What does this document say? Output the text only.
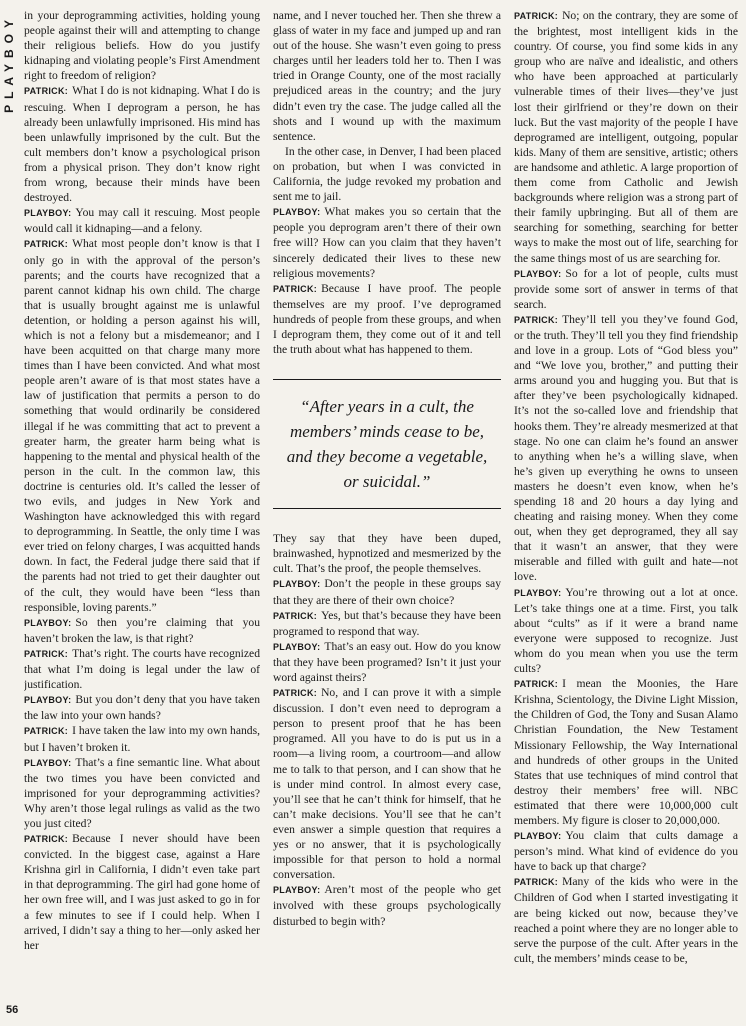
PLAYBOY
56

in your deprogramming activities, holding young people against their will and attempting to change their religious beliefs. How do you justify kidnaping and violating people’s First Amendment right to freedom of religion?

PATRICK: What I do is not kidnaping. What I do is rescuing. When I deprogram a person, he has already been unlawfully imprisoned. His mind has been unlawfully imprisoned by the cult. But the cult members don’t know a psychological prison from a physical prison. They don’t know right from wrong, because their minds have been destroyed.

PLAYBOY: You may call it rescuing. Most people would call it kidnaping—and a felony.

PATRICK: What most people don’t know is that I only go in with the approval of the person’s parents; and the courts have recognized that a parent cannot kidnap his own child. The charge that is usually brought against me is unlawful detention, or holding a person against his will, which is not a felony but a misdemeanor; and I have been acquitted on that charge many more times than I have been convicted. And what most people aren’t aware of is that most states have a law of justification that permits a person to do something that would ordinarily be considered illegal if he was committing that act to prevent a greater harm, the greater harm being what is happening to the mental and physical health of the person in the cult. In the common law, this doctrine is centuries old. It’s called the lesser of two evils, and judges in New York and Washington have acknowledged this with regard to deprogramming. In Seattle, the only time I was ever tried on felony charges, I was acquitted hands down. In fact, the Federal judge there said that if the parents had not tried to get their daughter out of the cult, they would have been “less than responsible, loving parents.”

PLAYBOY: So then you’re claiming that you haven’t broken the law, is that right?

PATRICK: That’s right. The courts have recognized that what I’m doing is legal under the law of justification.

PLAYBOY: But you don’t deny that you have taken the law into your own hands?

PATRICK: I have taken the law into my own hands, but I haven’t broken it.

PLAYBOY: That’s a fine semantic line. What about the two times you have been convicted and imprisoned for your deprogramming activities? Why aren’t those legal rulings as valid as the two you just cited?

PATRICK: Because I never should have been convicted. In the biggest case, against a Hare Krishna girl in California, I didn’t even take part in that deprogramming. The girl had gone home of her own free will, and I was just asked to go in for a few minutes to see if I could help. When I arrived, I didn’t say a thing to her—only asked her her

name, and I never touched her. Then she threw a glass of water in my face and jumped up and ran out of the house. She wasn’t even going to press charges until her leaders told her to. Then I was tried in Orange County, one of the most racially prejudiced areas in the country; and the jury didn’t even try the case. The judge called all the shots and I wound up with the maximum sentence.

In the other case, in Denver, I had been placed on probation, but when I was convicted in California, the judge revoked my probation and sent me to jail.

PLAYBOY: What makes you so certain that the people you deprogram aren’t there of their own free will? How can you claim that they haven’t sincerely dedicated their lives to these new religious movements?

PATRICK: Because I have proof. The people themselves are my proof. I’ve deprogramed hundreds of people from these groups, and when I deprogram them, they come out of it and tell the truth about what has happened to them.

“After years in a cult, the members’ minds cease to be, and they become a vegetable, or suicidal.”

They say that they have been duped, brainwashed, hypnotized and mesmerized by the cult. That’s the proof, the people themselves.

PLAYBOY: Don’t the people in these groups say that they are there of their own choice?

PATRICK: Yes, but that’s because they have been programed to respond that way.

PLAYBOY: That’s an easy out. How do you know that they have been programed? Isn’t it just your word against theirs?

PATRICK: No, and I can prove it with a simple discussion. I don’t even need to deprogram a person to present proof that he has been programed. All you have to do is put us in a room—a living room, a courtroom—and allow me to talk to that person, and I can show that he is under mind control. In almost every case, you’ll see that he can’t think for himself, that he can’t make decisions. You’ll see that he can’t even answer a simple question that requires a yes or no answer, that it is psychologically impossible for that person to hold a normal conversation.

PLAYBOY: Aren’t most of the people who get involved with these groups psychologically disturbed to begin with?

PATRICK: No; on the contrary, they are some of the brightest, most intelligent kids in the country. Of course, you find some kids in any group who are naïve and idealistic, and others who have been approached at particularly vulnerable times of their lives—they’ve just lost their girlfriend or they’re down on their luck. But the vast majority of the people I have deprogramed are intelligent, outgoing, popular kids. Many of them are sensitive, artistic; others are handsome and athletic. A large proportion of them come from Catholic and Jewish backgrounds where religion was a strong part of their family upbringing. But all of them are searching for something, searching for better ways to make the most out of life, searching for the same things most of us are searching for.

PLAYBOY: So for a lot of people, cults must provide some sort of answer in terms of that search.

PATRICK: They’ll tell you they’ve found God, or the truth. They’ll tell you they find friendship and love in a group. Lots of “God bless you” and “We love you, brother,” and putting their arms around you and hugging you. But that is after they’ve been psychologically kidnaped. It’s not the so-called love and friendship that hooks them. They’re already mesmerized at that stage. No one can claim he’s found an answer to anything when he’s a willing slave, when he’s given up everything he owns to unseen masters he doesn’t even know, when he’s spending 18 and 20 hours a day lying and cheating and raising money. When they come out, when they get deprogramed, they all say that it wasn’t an answer, that they were miserable and filled with guilt and hate—not love.

PLAYBOY: You’re throwing out a lot at once. Let’s take things one at a time. First, you talk about “cults” as if it were a brand name everyone were supposed to recognize. Just whom do you mean when you use the term cults?

PATRICK: I mean the Moonies, the Hare Krishna, Scientology, the Divine Light Mission, the Children of God, the Tony and Susan Alamo Christian Foundation, the New Testament Missionary Fellowship, the Way International and hundreds of other groups in the United States that use techniques of mind control that destroy their members’ free will. NBC estimated that there were 10,000,000 cult members. My figure is closer to 20,000,000.

PLAYBOY: You claim that cults damage a person’s mind. What kind of evidence do you have to back up that charge?

PATRICK: Many of the kids who were in the Children of God when I started investigating it are being kicked out now, because they’ve reached a point where they are no longer able to serve the purpose of the cult. After years in the cult, the members’ minds cease to be,
